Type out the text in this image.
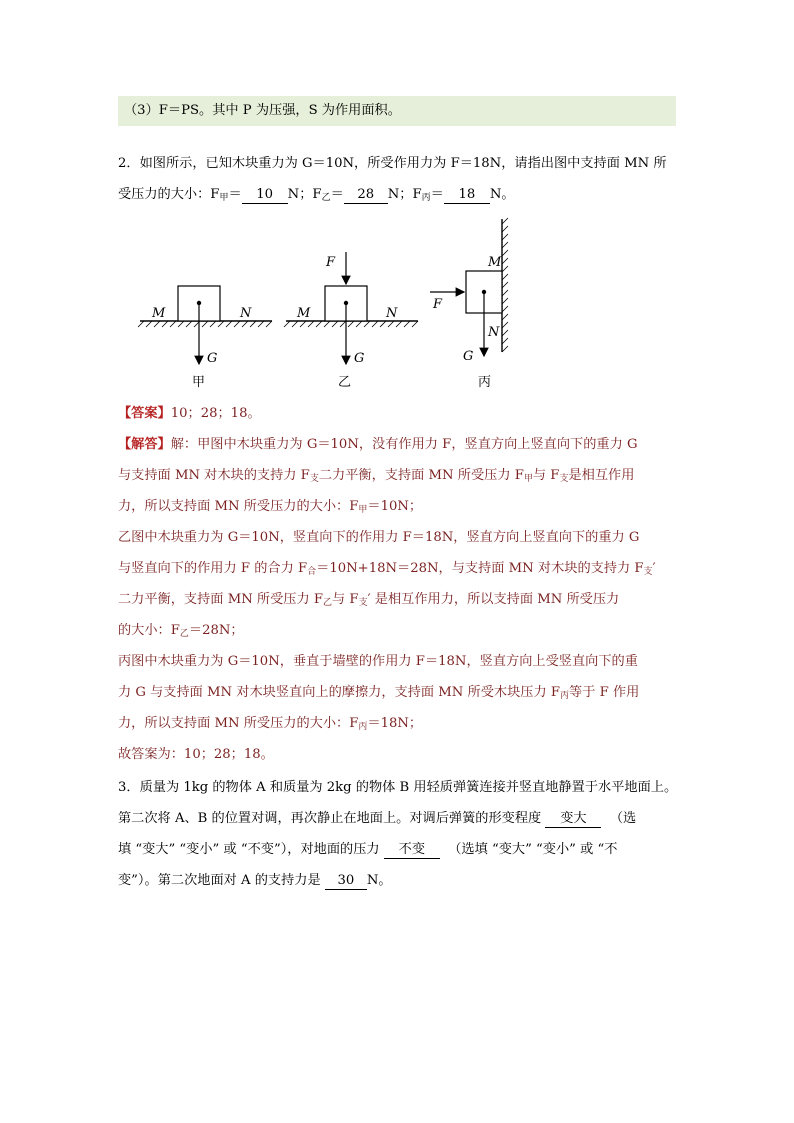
（3）F＝PS。其中 P 为压强，S 为作用面积。
2．如图所示，已知木块重力为 G＝10N，所受作用力为 F＝18N，请指出图中支持面 MN 所
受压力的大小：$F_甲= 10$ N；$F_乙= 28$ N；$F_丙= 18$ N。
M	N
G
甲
F
M	N
G
乙
M
N
F
G
丙
【答案】10；28；18。
【解答】解：甲图中木块重力为 G＝10N，没有作用力 F，竖直方向上竖直向下的重力 G
与支持面 MN 对木块的支持力 $F_支$二力平衡，支持面 MN 所受压力 $F_甲$与 $F_支$是相互作用
力，所以支持面 MN 所受压力的大小：$F_甲=10N$；
乙图中木块重力为 G＝10N，竖直向下的作用力 F＝18N，竖直方向上竖直向下的重力 G
与竖直向下的作用力 F 的合力 $F_合=10N+18N=28N$，与支持面 MN 对木块的支持力 $F_支'$
二力平衡，支持面 MN 所受压力 $F_乙$与 $F_支'$ 是相互作用力，所以支持面 MN 所受压力
的大小：$F_乙=28N$；
丙图中木块重力为 G＝10N，垂直于墙壁的作用力 F＝18N，竖直方向上受竖直向下的重
力 G 与支持面 MN 对木块竖直向上的摩擦力，支持面 MN 所受木块压力 $F_丙$等于 F 作用
力，所以支持面 MN 所受压力的大小：$F_丙=18N$；
故答案为：10；28；18。
3．质量为 1kg 的物体 A 和质量为 2kg 的物体 B 用轻质弹簧连接并竖直地静置于水平地面上。
第二次将 A、B 的位置对调，再次静止在地面上。对调后弹簧的形变程度 变大 （选
填 “变大” “变小” 或 “不变”），对地面的压力 不变 （选填 “变大” “变小” 或 “不
变”）。第二次地面对 A 的支持力是 30 N。
